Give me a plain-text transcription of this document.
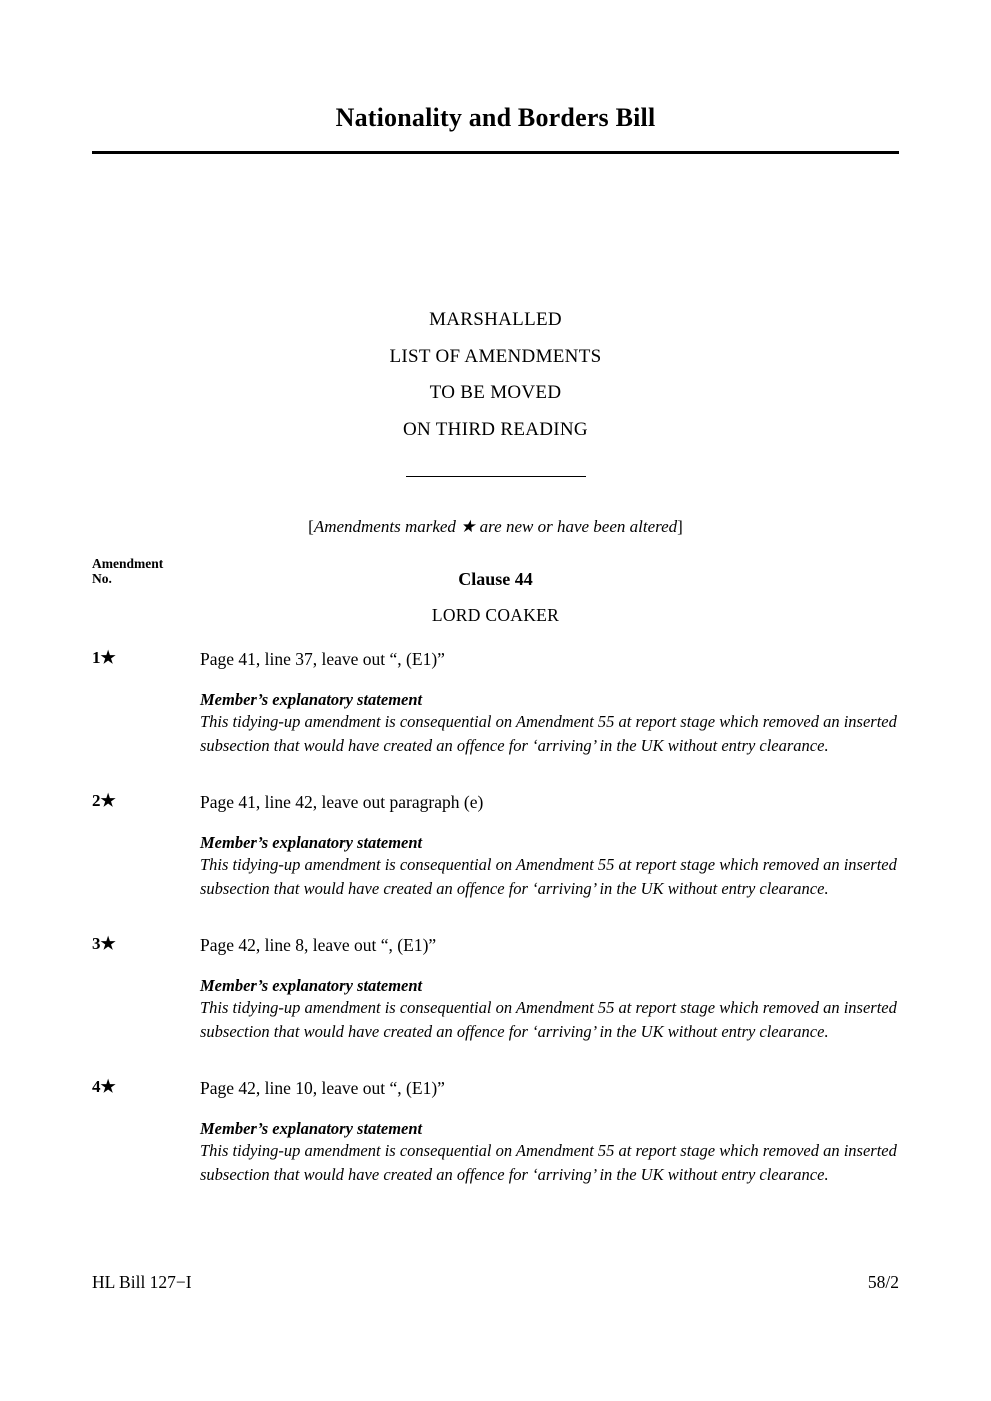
Nationality and Borders Bill
MARSHALLED
LIST OF AMENDMENTS
TO BE MOVED
ON THIRD READING
[Amendments marked ★ are new or have been altered]
Amendment
No.	Clause 44
LORD COAKER
1★	Page 41, line 37, leave out “, (E1)”
Member’s explanatory statement
This tidying-up amendment is consequential on Amendment 55 at report stage which removed an inserted subsection that would have created an offence for ‘arriving’ in the UK without entry clearance.
2★	Page 41, line 42, leave out paragraph (e)
Member’s explanatory statement
This tidying-up amendment is consequential on Amendment 55 at report stage which removed an inserted subsection that would have created an offence for ‘arriving’ in the UK without entry clearance.
3★	Page 42, line 8, leave out “, (E1)”
Member’s explanatory statement
This tidying-up amendment is consequential on Amendment 55 at report stage which removed an inserted subsection that would have created an offence for ‘arriving’ in the UK without entry clearance.
4★	Page 42, line 10, leave out “, (E1)”
Member’s explanatory statement
This tidying-up amendment is consequential on Amendment 55 at report stage which removed an inserted subsection that would have created an offence for ‘arriving’ in the UK without entry clearance.
HL Bill 127−I	58/2
